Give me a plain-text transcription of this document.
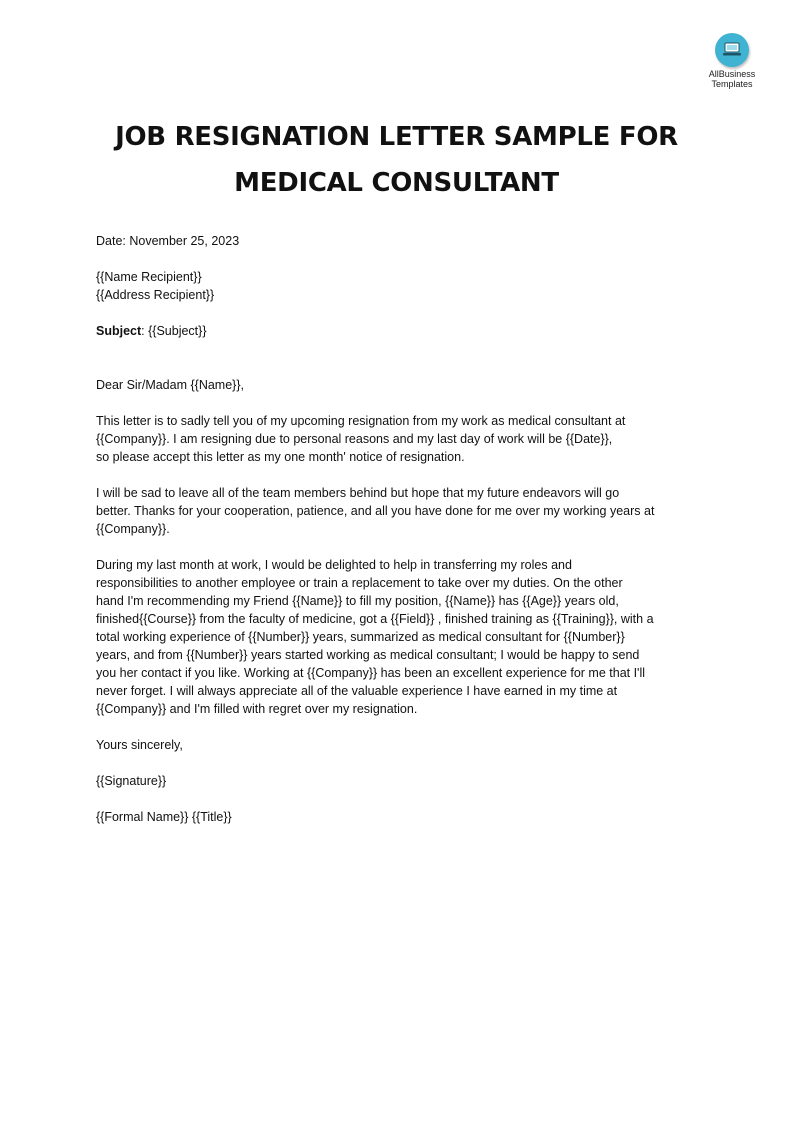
AllBusiness
Templates
JOB RESIGNATION LETTER SAMPLE FOR
MEDICAL CONSULTANT

Date: November 25, 2023

{{Name Recipient}}

{{Address Recipient}}

Subject: {{Subject}}

Dear Sir/Madam {{Name}},

This letter is to sadly tell you of my upcoming resignation from my work as medical consultant at

{{Company}}. I am resigning due to personal reasons and my last day of work will be {{Date}},

so please accept this letter as my one month' notice of resignation.

I will be sad to leave all of the team members behind but hope that my future endeavors will go

better. Thanks for your cooperation, patience, and all you have done for me over my working years at

{{Company}}.

During my last month at work, I would be delighted to help in transferring my roles and

responsibilities to another employee or train a replacement to take over my duties. On the other

hand I'm recommending my Friend {{Name}} to fill my position, {{Name}} has {{Age}} years old,

finished{{Course}} from the faculty of medicine, got a {{Field}} , finished training as {{Training}}, with a

total working experience of {{Number}} years, summarized as medical consultant for {{Number}}

years, and from {{Number}} years started working as medical consultant; I would be happy to send

you her contact if you like. Working at {{Company}} has been an excellent experience for me that I'll

never forget. I will always appreciate all of the valuable experience I have earned in my time at

{{Company}} and I'm filled with regret over my resignation.

Yours sincerely,

{{Signature}}

{{Formal Name}} {{Title}}
